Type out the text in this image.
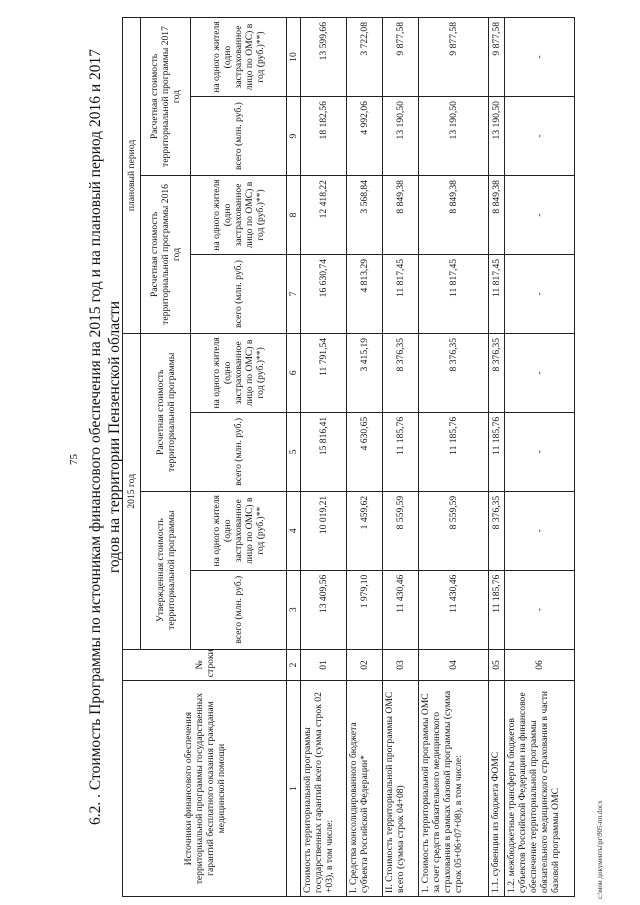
75 6.2. . Стоимость Программы по источникам финансового обеспечения на 2015 год и на плановый период 2016 и 2017 годов на территории Пензенской области
Источники финансового обеспечения территориальной программы государственных гарантий бесплатного оказания гражданам медицинской помощи	№ строки	2015 год				плановый период			
		Утвержденная стоимость территориальной программы		Расчетная стоимость территориальной программы		Расчетная стоимость территориальной программы 2016 год		Расчетная стоимость территориальной программы 2017 год	
		всего (млн. руб.)	на одного жителя (одно застрахованное лицо по ОМС) в год (руб.)**	всего (млн. руб.)	на одного жителя (одно застрахованное лицо по ОМС) в год (руб.)**)	всего (млн. руб.)	на одного жителя (одно застрахованное лицо по ОМС) в год (руб.)**)	всего (млн. руб.)	на одного жителя (одно застрахованное лицо по ОМС) в год (руб.)**)
1	2	3	4	5	6	7	8	9	10
Стоимость территориальной программы государственных гарантий всего (сумма строк 02 +03), в том числе:	01	13 409,56	10 019,21	15 816,41	11 791,54	16 630,74	12 418,22	18 182,56	13 599,66
I. Средства консолидированного бюджета субъекта Российской Федерации*	02	1 979,10	1 459,62	4 630,65	3 415,19	4 813,29	3 568,84	4 992,06	3 722,08
II. Стоимость территориальной программы ОМС всего (сумма строк 04+08)	03	11 430,46	8 559,59	11 185,76	8 376,35	11 817,45	8 849,38	13 190,50	9 877,58
1. Стоимость территориальной программы ОМС за счет средств обязательного медицинского страхования в рамках базовой программы (сумма строк 05+06+07+08), в том числе:	04	11 430,46	8 559,59	11 185,76	8 376,35	11 817,45	8 849,38	13 190,50	9 877,58
1.1. субвенции из бюджета ФОМС	05	11 185,76	8 376,35	11 185,76	8 376,35	11 817,45	8 849,38	13 190,50	9 877,58
1.2. межбюджетные трансферты бюджетов субъектов Российской Федерации на финансовое обеспечение территориальной программы обязательного медицинского страхования в части базовой программы ОМС	06	-	-	-	-	-	-	-	-
c:\мои документы\pr\905-пп.docx
